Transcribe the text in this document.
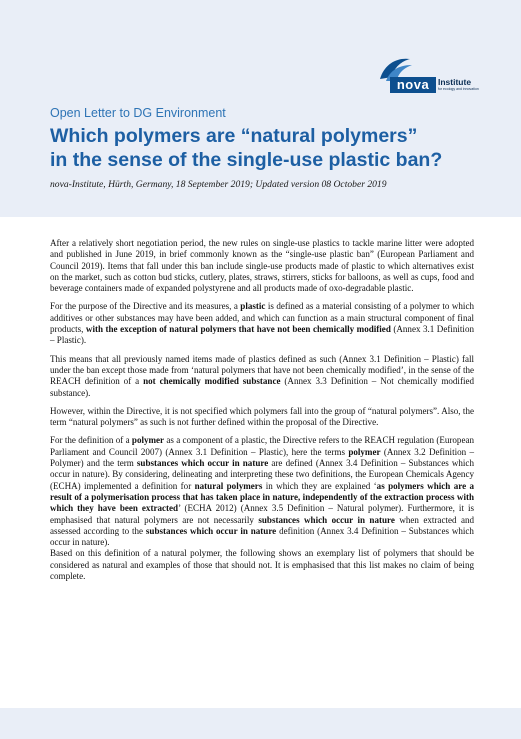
nova	Institute
for ecology and innovation
Open Letter to DG Environment
Which polymers are “natural polymers”
in the sense of the single-use plastic ban?
nova-Institute, Hürth, Germany, 18 September 2019; Updated version 08 October 2019

After a relatively short negotiation period, the new rules on single-use plastics to tackle marine litter were adopted and published in June 2019, in brief commonly known as the “single-use plastic ban” (European Parliament and Council 2019). Items that fall under this ban include single-use products made of plastic to which alternatives exist on the market, such as cotton bud sticks, cutlery, plates, straws, stirrers, sticks for balloons, as well as cups, food and beverage containers made of expanded polystyrene and all products made of oxo-degradable plastic.

For the purpose of the Directive and its measures, a plastic is defined as a material consisting of a polymer to which additives or other substances may have been added, and which can function as a main structural component of final products, with the exception of natural polymers that have not been chemically modified (Annex 3.1 Definition – Plastic).

This means that all previously named items made of plastics defined as such (Annex 3.1 Definition – Plastic) fall under the ban except those made from ‘natural polymers that have not been chemically modified’, in the sense of the REACH definition of a not chemically modified substance (Annex 3.3 Definition – Not chemically modified substance).

However, within the Directive, it is not specified which polymers fall into the group of “natural polymers”. Also, the term “natural polymers” as such is not further defined within the proposal of the Directive.

For the definition of a polymer as a component of a plastic, the Directive refers to the REACH regulation (European Parliament and Council 2007) (Annex 3.1 Definition – Plastic), here the terms polymer (Annex 3.2 Definition – Polymer) and the term substances which occur in nature are defined (Annex 3.4 Definition – Substances which occur in nature). By considering, delineating and interpreting these two definitions, the European Chemicals Agency (ECHA) implemented a definition for natural polymers in which they are explained ‘as polymers which are a result of a polymerisation process that has taken place in nature, independently of the extraction process with which they have been extracted’ (ECHA 2012) (Annex 3.5 Definition – Natural polymer). Furthermore, it is emphasised that natural polymers are not necessarily substances which occur in nature when extracted and assessed according to the substances which occur in nature definition (Annex 3.4 Definition – Substances which occur in nature).

Based on this definition of a natural polymer, the following shows an exemplary list of polymers that should be considered as natural and examples of those that should not. It is emphasised that this list makes no claim of being complete.
